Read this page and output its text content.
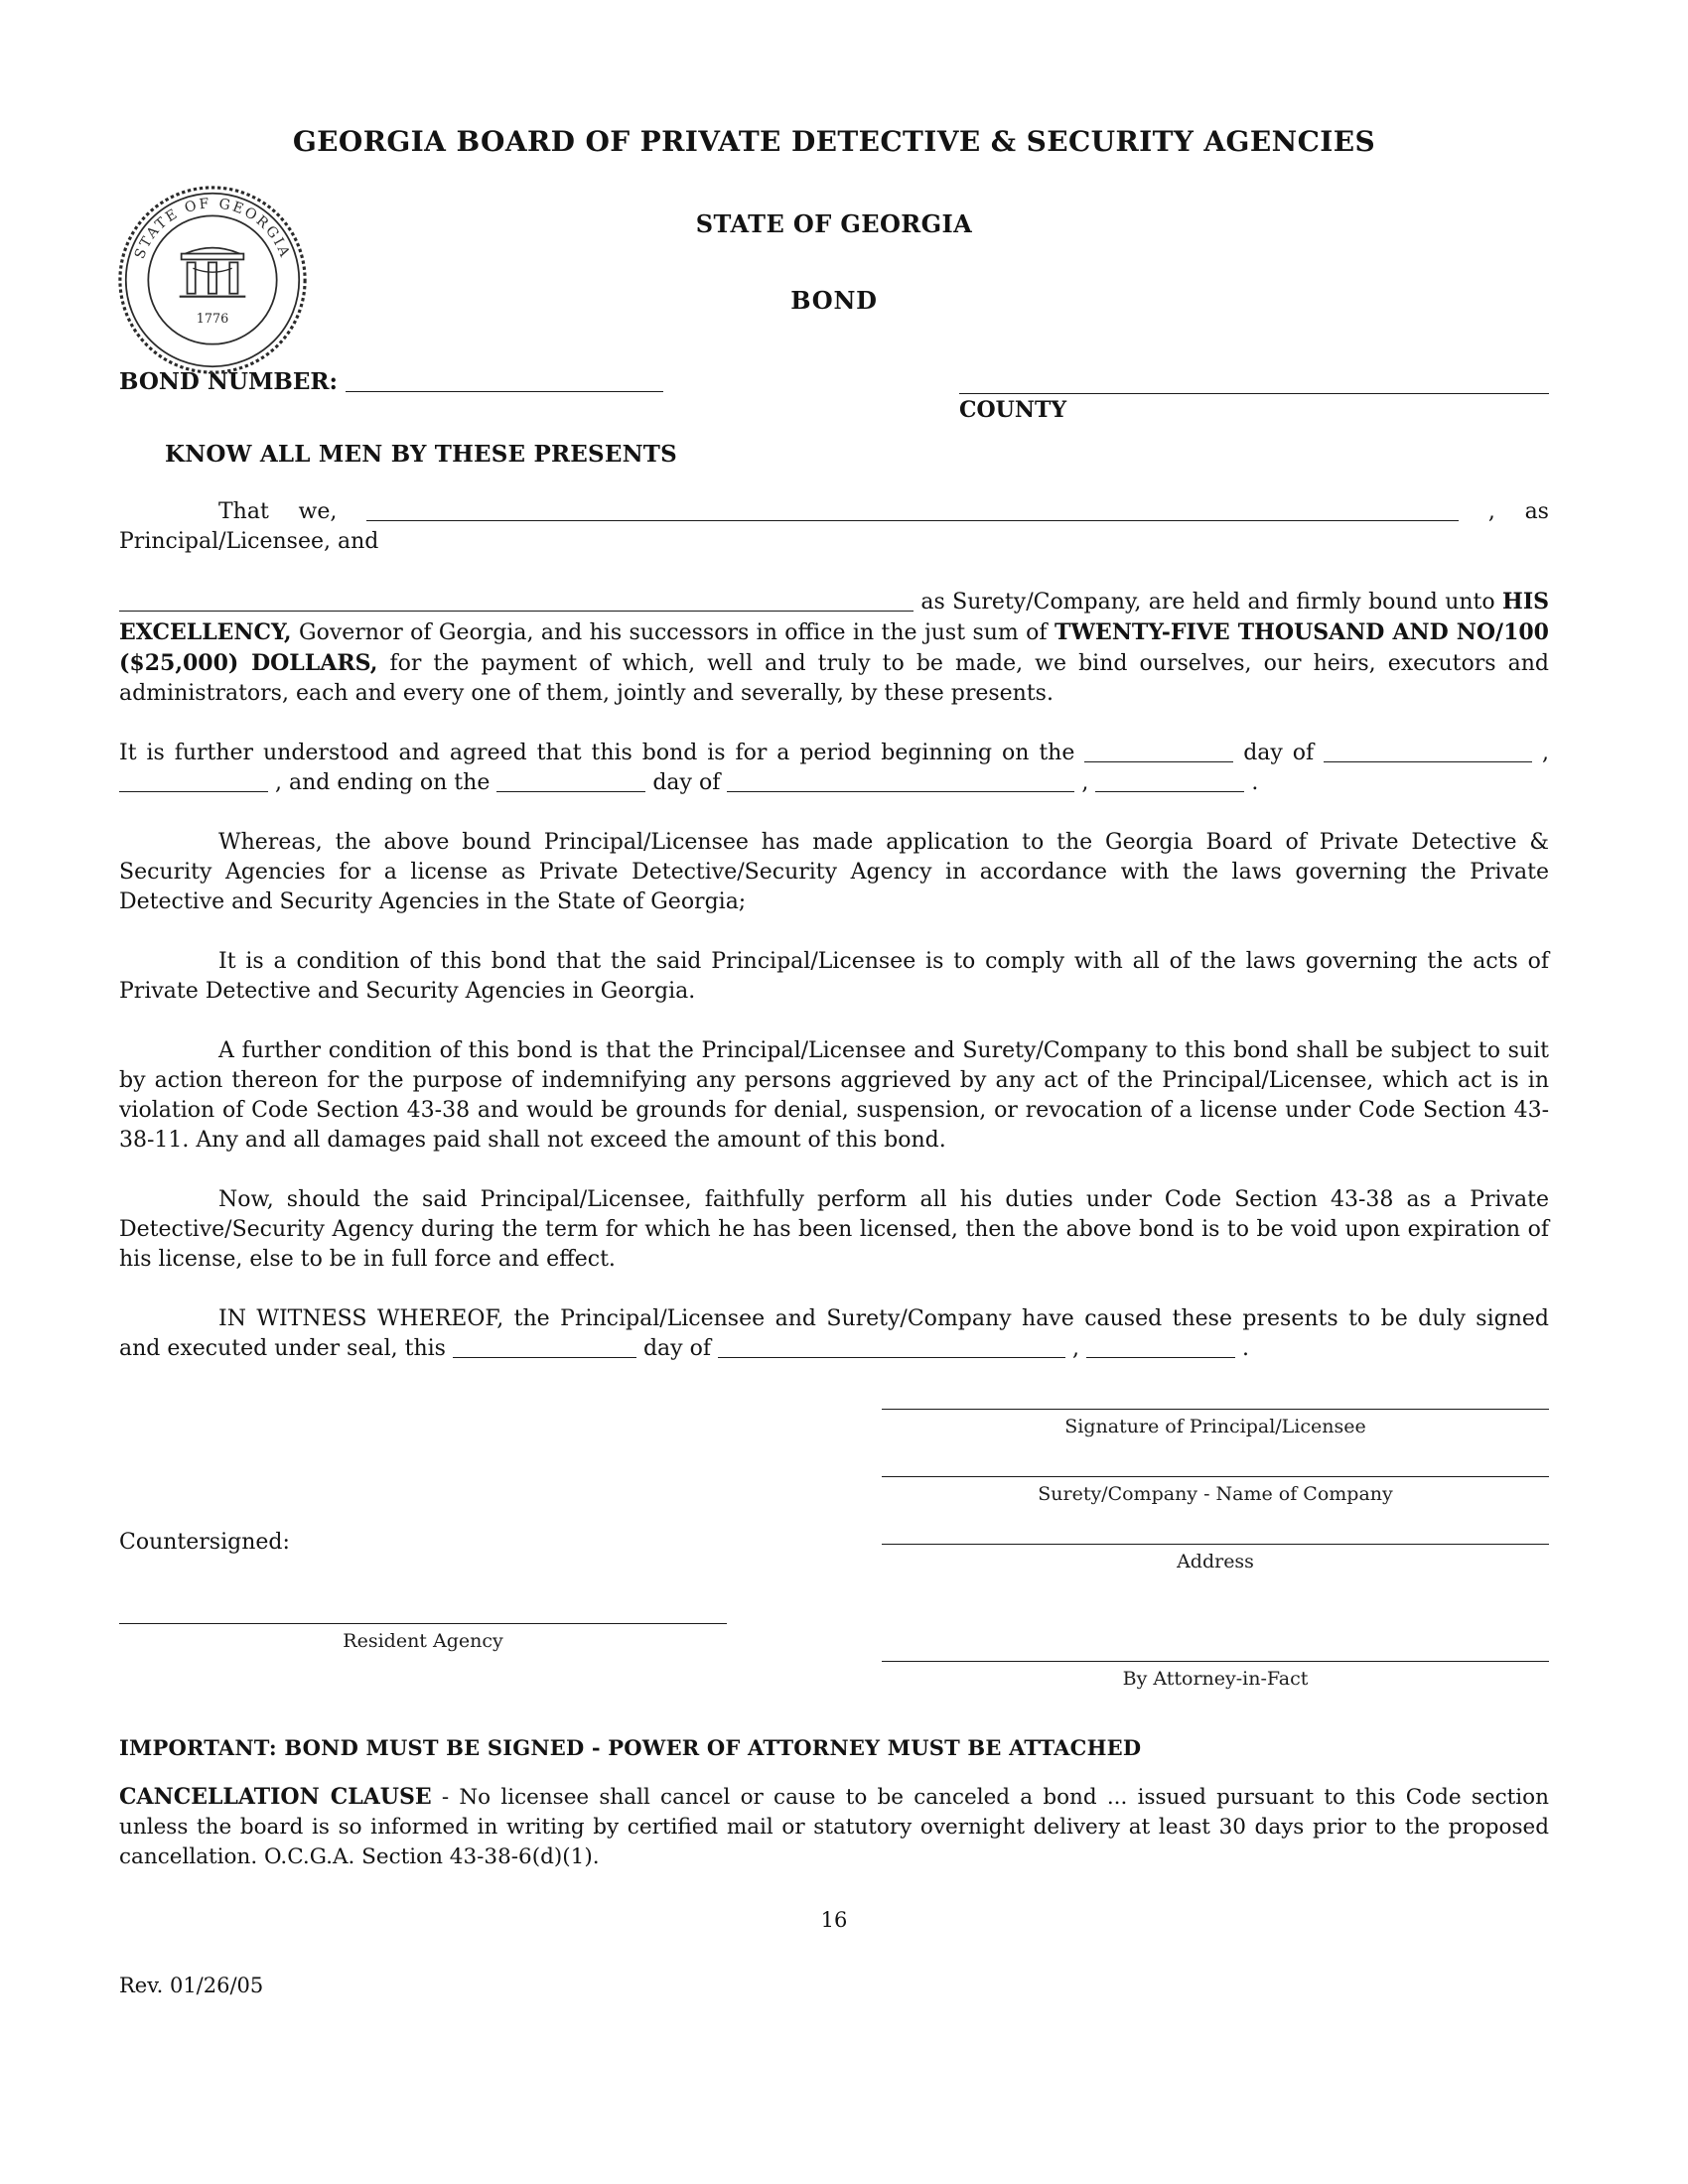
STATE OF GEORGIA
1776
GEORGIA BOARD OF PRIVATE DETECTIVE & SECURITY AGENCIES
STATE OF GEORGIA
BOND
BOND NUMBER:
COUNTY
KNOW ALL MEN BY THESE PRESENTS

That we,	, as Principal/Licensee, and

as Surety/Company, are held and firmly bound unto HIS EXCELLENCY, Governor of Georgia, and his successors in office in the just sum of TWENTY-FIVE THOUSAND AND NO/100 ($25,000) DOLLARS, for the payment of which, well and truly to be made, we bind ourselves, our heirs, executors and administrators, each and every one of them, jointly and severally, by these presents.

It is further understood and agreed that this bond is for a period beginning on the	day of	,  , and ending on the	day of	,	.

Whereas, the above bound Principal/Licensee has made application to the Georgia Board of Private Detective & Security Agencies for a license as Private Detective/Security Agency in accordance with the laws governing the Private Detective and Security Agencies in the State of Georgia;

It is a condition of this bond that the said Principal/Licensee is to comply with all of the laws governing the acts of Private Detective and Security Agencies in Georgia.

A further condition of this bond is that the Principal/Licensee and Surety/Company to this bond shall be subject to suit by action thereon for the purpose of indemnifying any persons aggrieved by any act of the Principal/Licensee, which act is in violation of Code Section 43-38 and would be grounds for denial, suspension, or revocation of a license under Code Section 43-38-11. Any and all damages paid shall not exceed the amount of this bond.

Now, should the said Principal/Licensee, faithfully perform all his duties under Code Section 43-38 as a Private Detective/Security Agency during the term for which he has been licensed, then the above bond is to be void upon expiration of his license, else to be in full force and effect.

IN WITNESS WHEREOF, the Principal/Licensee and Surety/Company have caused these presents to be duly signed and executed under seal, this	day of	,	.

Signature of Principal/Licensee
Surety/Company - Name of Company
Address
Countersigned:
Resident Agency
By Attorney-in-Fact
IMPORTANT: BOND MUST BE SIGNED - POWER OF ATTORNEY MUST BE ATTACHED

CANCELLATION CLAUSE - No licensee shall cancel or cause to be canceled a bond ... issued pursuant to this Code section unless the board is so informed in writing by certified mail or statutory overnight delivery at least 30 days prior to the proposed cancellation. O.C.G.A. Section 43-38-6(d)(1).

16
Rev. 01/26/05
